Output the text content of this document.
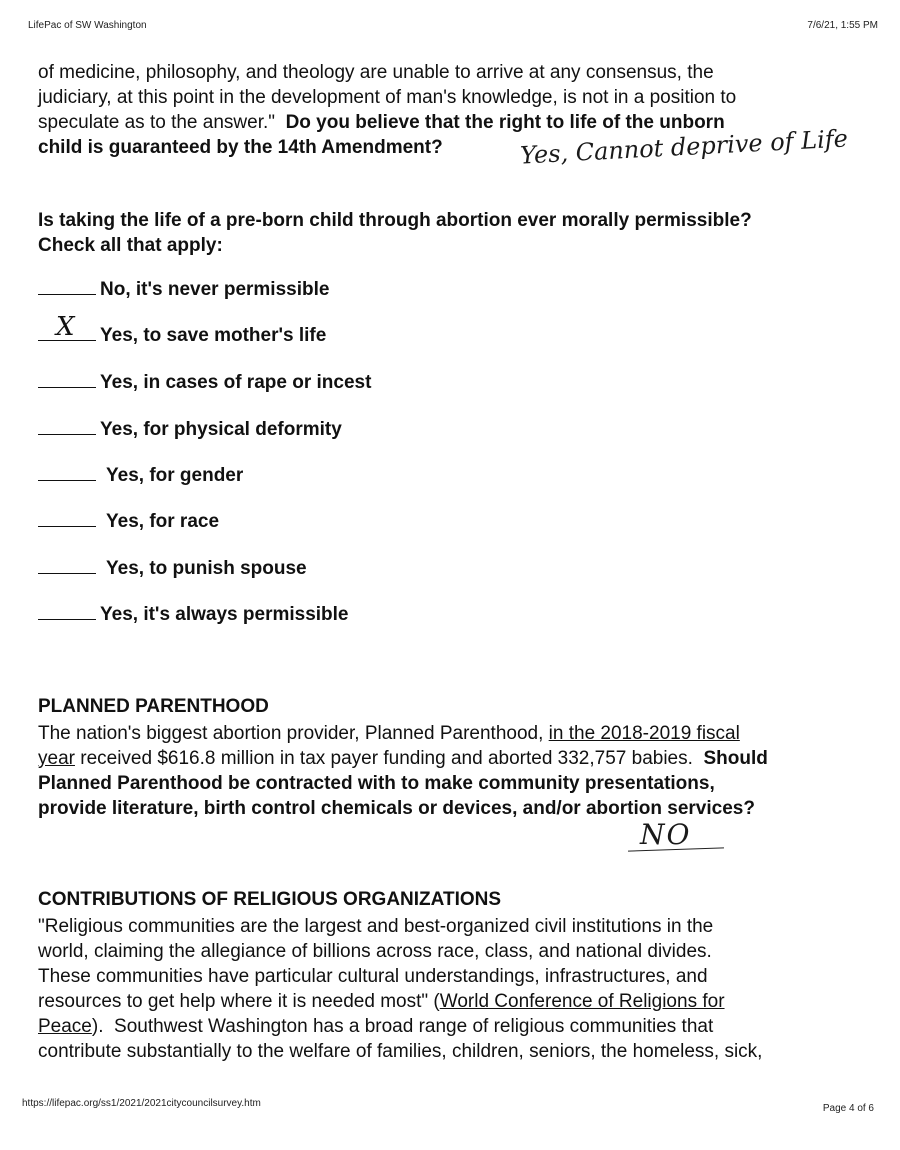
LifePac of SW Washington	7/6/21, 1:55 PM
of medicine, philosophy, and theology are unable to arrive at any consensus, the
judiciary, at this point in the development of man's knowledge, is not in a position to
speculate as to the answer."  Do you believe that the right to life of the unborn
child is guaranteed by the 14th Amendment?	Yes, Cannot deprive of Life
Is taking the life of a pre-born child through abortion ever morally permissible?
Check all that apply:
No, it's never permissible
X Yes, to save mother's life
Yes, in cases of rape or incest
Yes, for physical deformity
Yes, for gender
Yes, for race
Yes, to punish spouse
Yes, it's always permissible
PLANNED PARENTHOOD
The nation's biggest abortion provider, Planned Parenthood, in the 2018-2019 fiscal
year received $616.8 million in tax payer funding and aborted 332,757 babies.  Should
Planned Parenthood be contracted with to make community presentations,
provide literature, birth control chemicals or devices, and/or abortion services?
NO
CONTRIBUTIONS OF RELIGIOUS ORGANIZATIONS
"Religious communities are the largest and best-organized civil institutions in the
world, claiming the allegiance of billions across race, class, and national divides.
These communities have particular cultural understandings, infrastructures, and
resources to get help where it is needed most" (World Conference of Religions for
Peace).  Southwest Washington has a broad range of religious communities that
contribute substantially to the welfare of families, children, seniors, the homeless, sick,
https://lifepac.org/ss1/2021/2021citycouncilsurvey.htm	Page 4 of 6
